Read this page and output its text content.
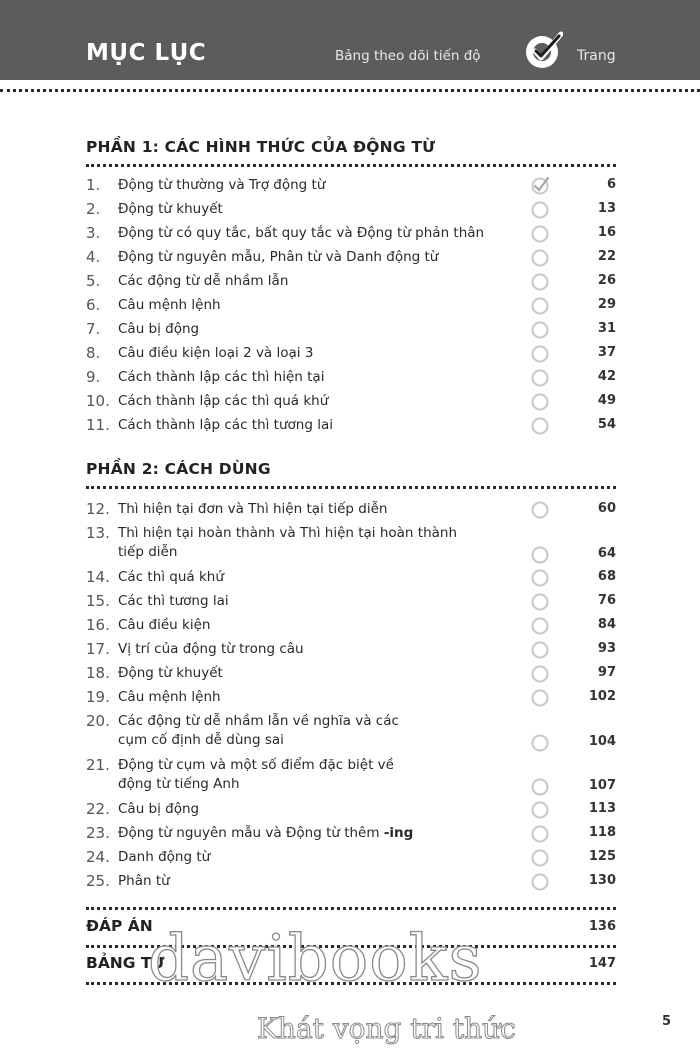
MỤC LỤC	Bảng theo dõi tiến độ	Trang
PHẦN 1: CÁC HÌNH THỨC CỦA ĐỘNG TỪ
1.	Động từ thường và Trợ động từ	6
2.	Động từ khuyết	13
3.	Động từ có quy tắc, bất quy tắc và Động từ phản thân	16
4.	Động từ nguyên mẫu, Phân từ và Danh động từ	22
5.	Các động từ dễ nhầm lẫn	26
6.	Câu mệnh lệnh	29
7.	Câu bị động	31
8.	Câu điều kiện loại 2 và loại 3	37
9.	Cách thành lập các thì hiện tại	42
10. Cách thành lập các thì quá khứ	49
11. Cách thành lập các thì tương lai	54
PHẦN 2: CÁCH DÙNG
12. Thì hiện tại đơn và Thì hiện tại tiếp diễn	60
13. Thì hiện tại hoàn thành và Thì hiện tại hoàn thành
tiếp diễn	64
14. Các thì quá khứ	68
15. Các thì tương lai	76
16. Câu điều kiện	84
17. Vị trí của động từ trong câu	93
18. Động từ khuyết	97
19. Câu mệnh lệnh	102
20. Các động từ dễ nhầm lẫn về nghĩa và các
cụm cố định dễ dùng sai	104
21. Động từ cụm và một số điểm đặc biệt về
động từ tiếng Anh	107
22. Câu bị động	113
23. Động từ nguyên mẫu và Động từ thêm -ing	118
24. Danh động từ	125
25. Phân từ	130
ĐÁP ÁN	136
BẢNG TỪ	147
davibooks
Khát vọng tri thức	5
